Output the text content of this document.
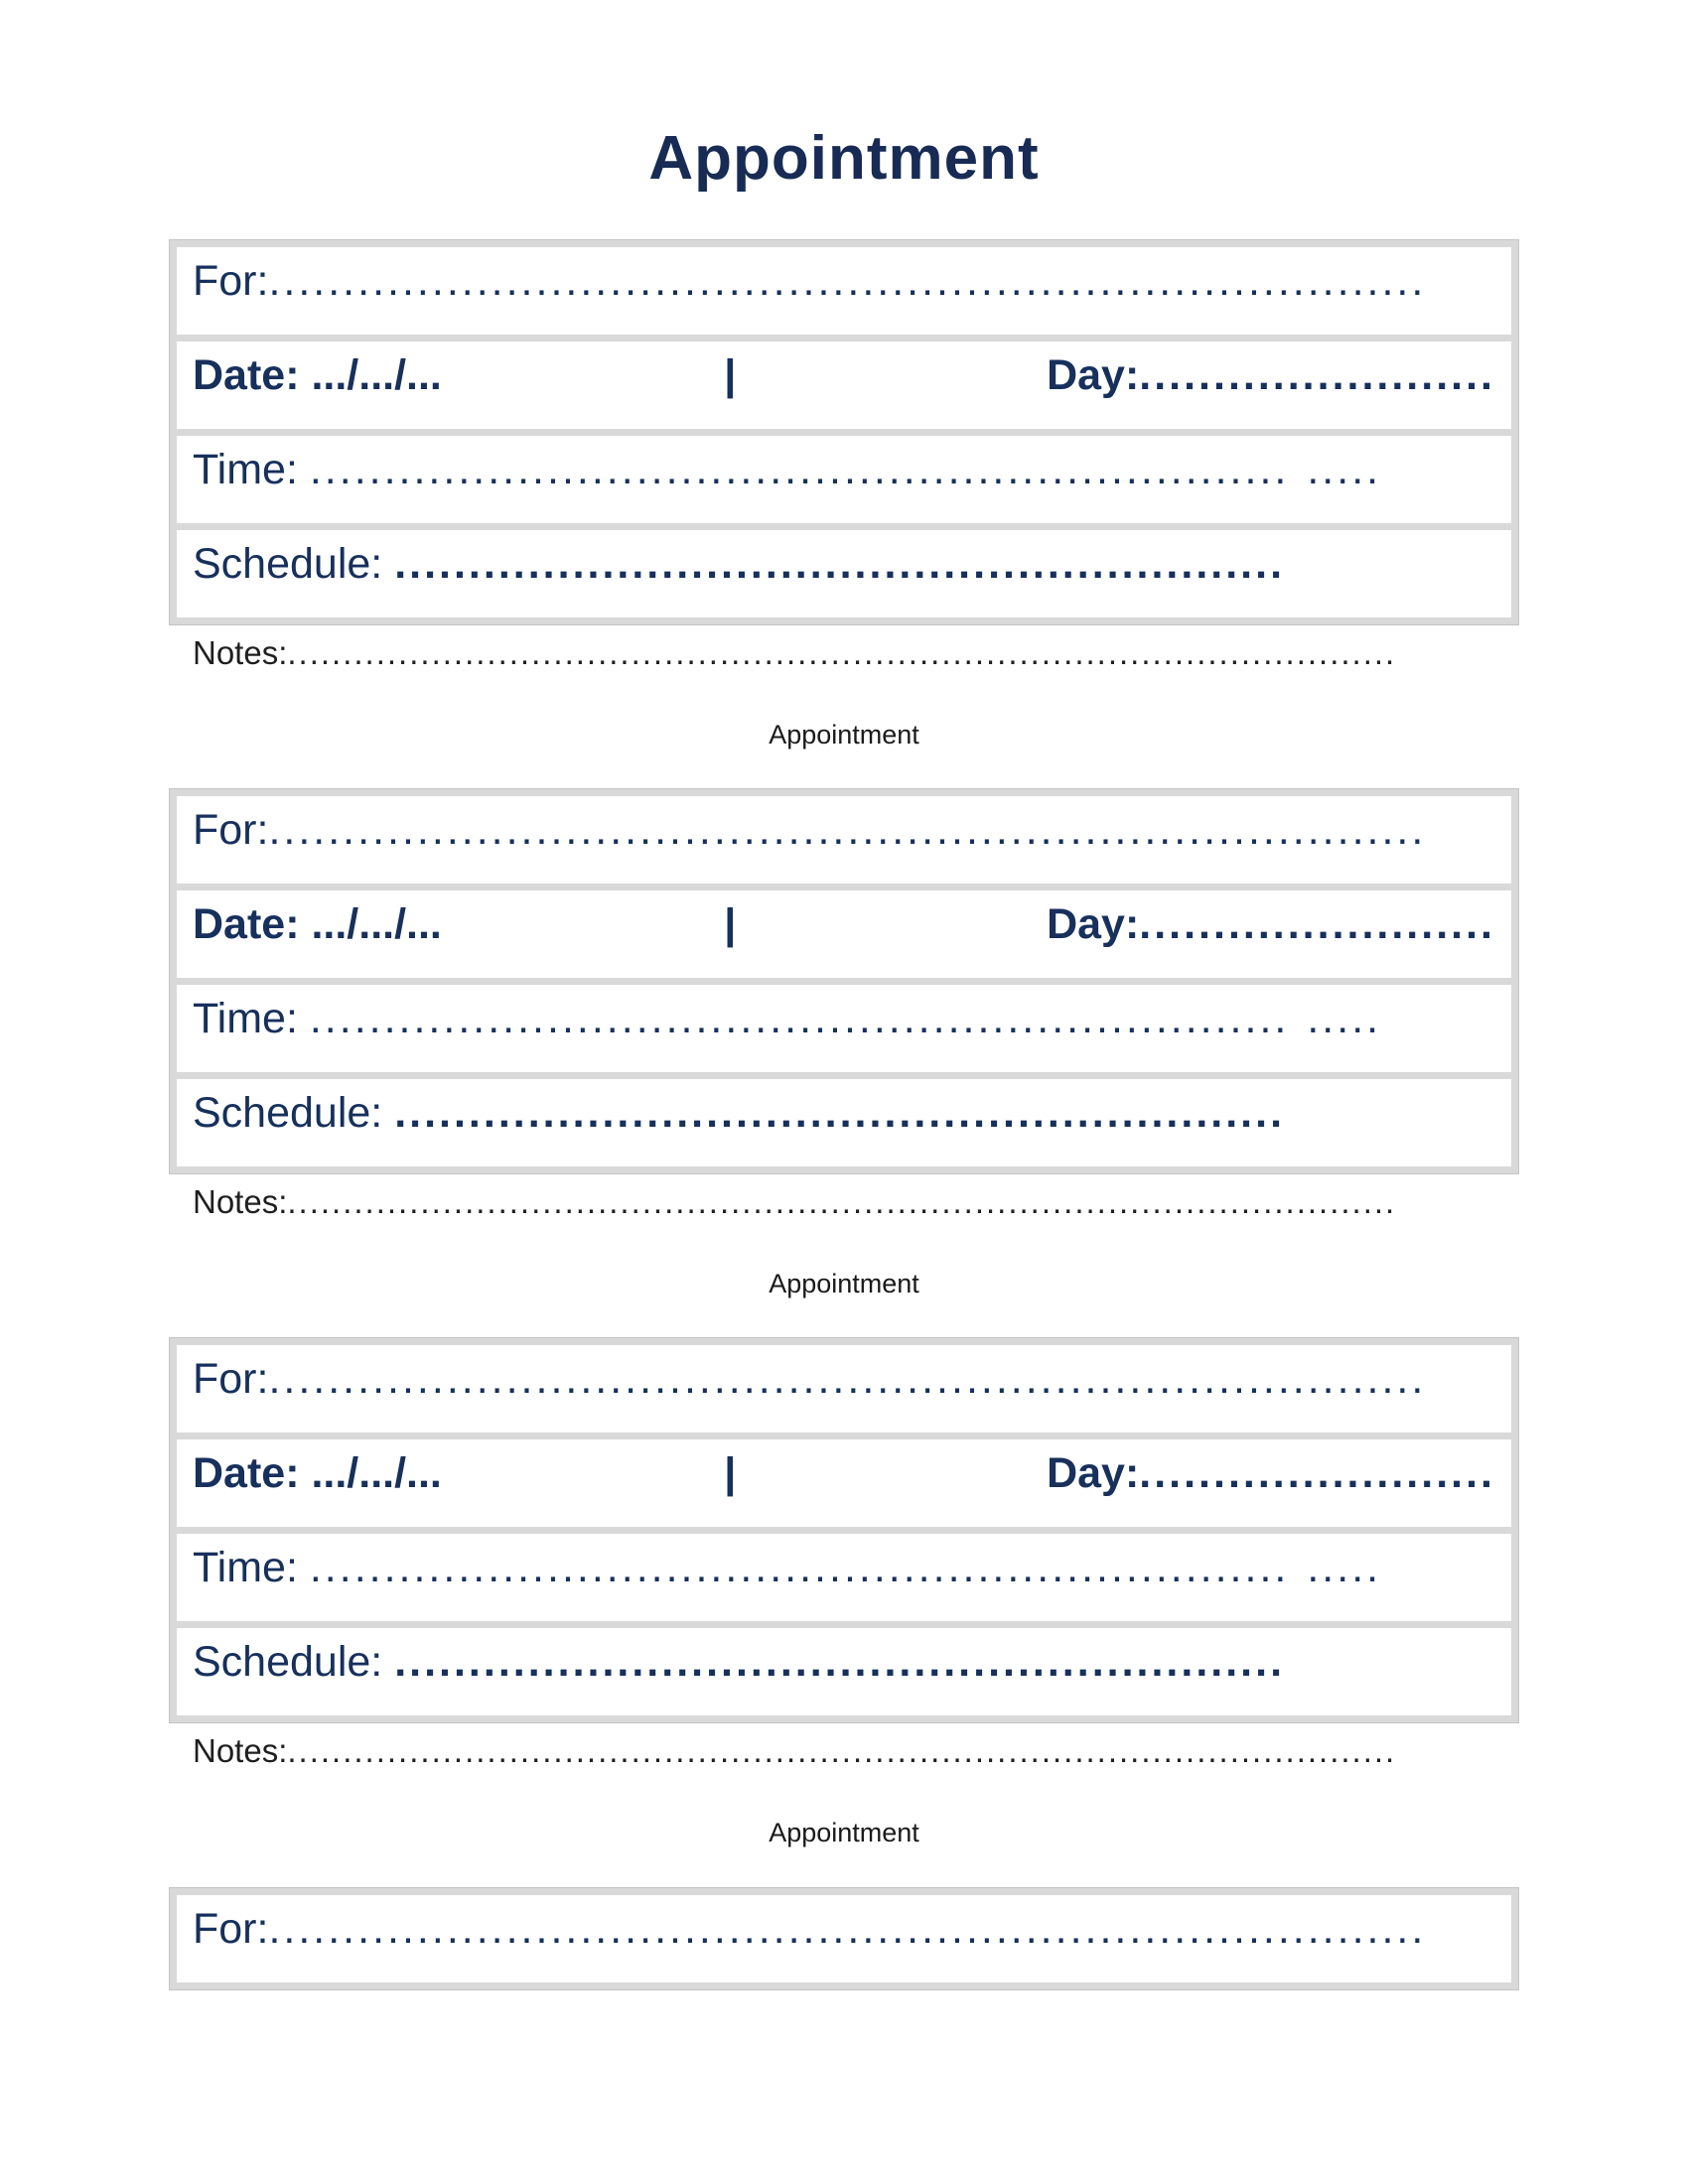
Appointment
For:..............................................................................
Date: .../.../...	|	Day:........................
Time: .................................................................. .....
Schedule: ............................................................
Notes:....................................................................................................
Appointment
For:..............................................................................
Date: .../.../...	|	Day:........................
Time: .................................................................. .....
Schedule: ............................................................
Notes:....................................................................................................
Appointment
For:..............................................................................
Date: .../.../...	|	Day:........................
Time: .................................................................. .....
Schedule: ............................................................
Notes:....................................................................................................
Appointment
For:..............................................................................
